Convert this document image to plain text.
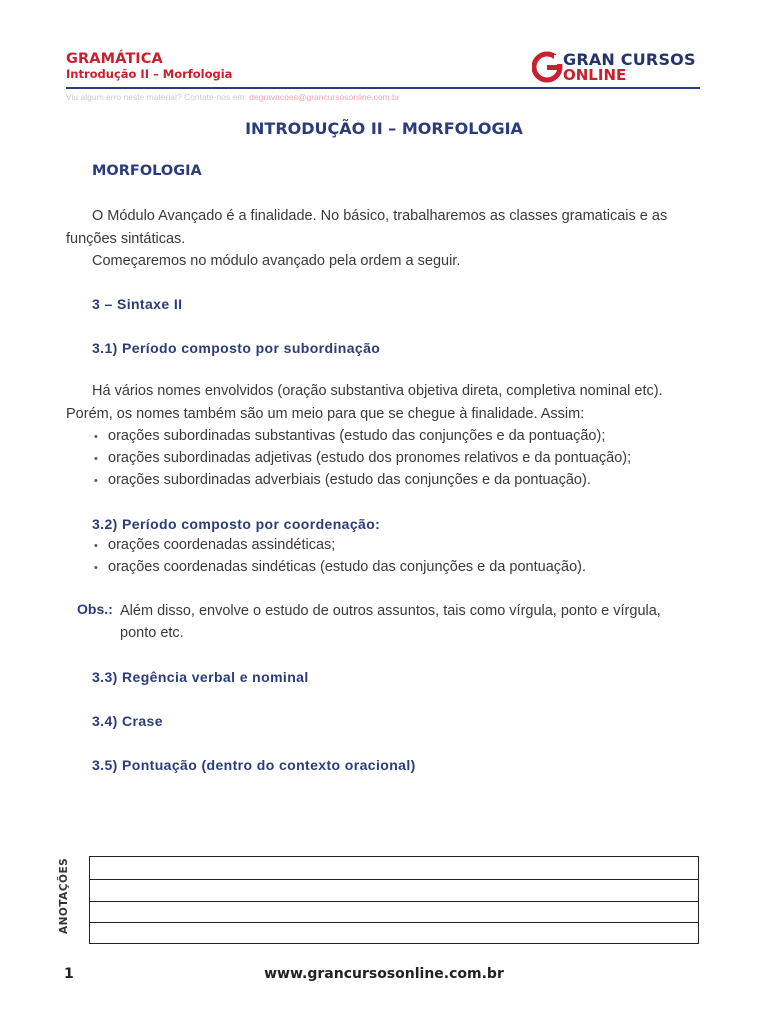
GRAMÁTICA
Introdução II – Morfologia
GRAN CURSOS
ONLINE
Viu algum erro neste material? Contate-nos em: degravacoes@grancursosonline.com.br
INTRODUÇÃO II – MORFOLOGIA
MORFOLOGIA
O Módulo Avançado é a finalidade. No básico, trabalharemos as classes gramaticais e as
funções sintáticas.
Começaremos no módulo avançado pela ordem a seguir.
3 – Sintaxe II
3.1) Período composto por subordinação
Há vários nomes envolvidos (oração substantiva objetiva direta, completiva nominal etc).
Porém, os nomes também são um meio para que se chegue à finalidade. Assim:
• orações subordinadas substantivas (estudo das conjunções e da pontuação);
• orações subordinadas adjetivas (estudo dos pronomes relativos e da pontuação);
• orações subordinadas adverbiais (estudo das conjunções e da pontuação).
3.2) Período composto por coordenação:
• orações coordenadas assindéticas;
• orações coordenadas sindéticas (estudo das conjunções e da pontuação).
Obs.: Além disso, envolve o estudo de outros assuntos, tais como vírgula, ponto e vírgula,
ponto etc.
3.3) Regência verbal e nominal
3.4) Crase
3.5) Pontuação (dentro do contexto oracional)
ANOTAÇÕES
1	www.grancursosonline.com.br
